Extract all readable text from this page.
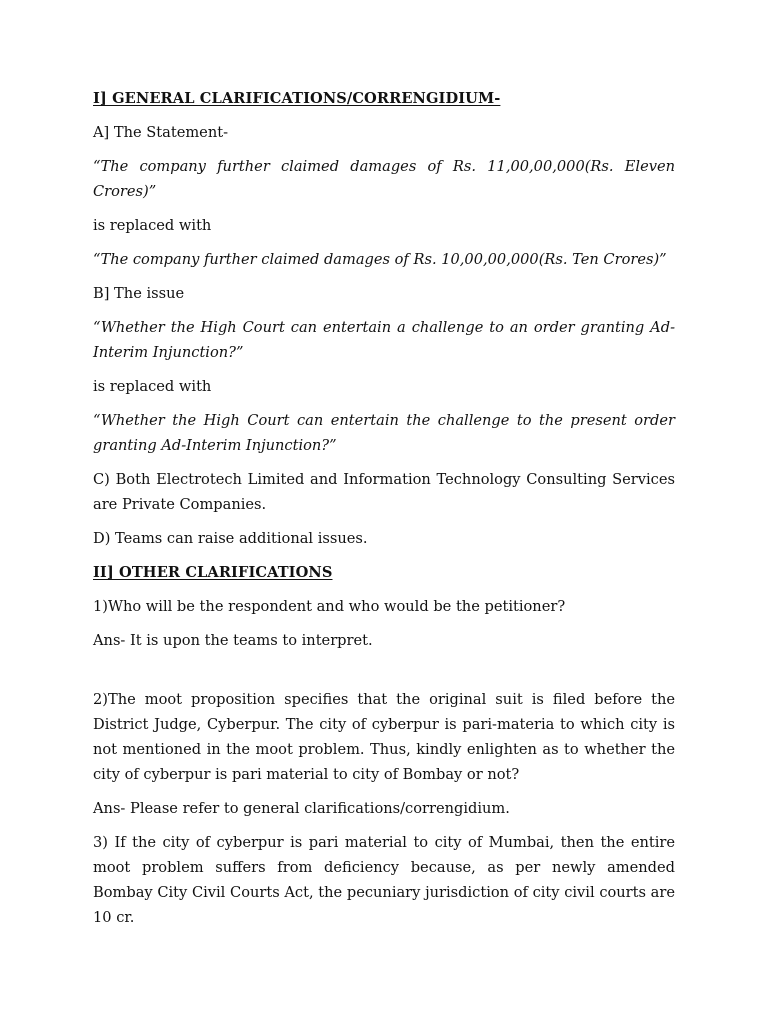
I] GENERAL CLARIFICATIONS/CORRENGIDIUM-

A] The Statement-

“The company further claimed damages of Rs. 11,00,00,000(Rs. Eleven Crores)”

is replaced with

“The company further claimed damages of Rs. 10,00,00,000(Rs. Ten Crores)”

B] The issue

“Whether the High Court can entertain a challenge to an order granting Ad-Interim Injunction?”

is replaced with

“Whether the High Court can entertain the challenge to the present order granting Ad-Interim Injunction?”

C) Both Electrotech Limited and Information Technology Consulting Services are Private Companies.

D) Teams can raise additional issues.

II] OTHER CLARIFICATIONS

1)Who will be the respondent and who would be the petitioner?

Ans- It is upon the teams to interpret.

2)The moot proposition specifies that the original suit is filed before the District Judge, Cyberpur. The city of cyberpur is pari-materia to which city is not mentioned in the moot problem. Thus, kindly enlighten as to whether the city of cyberpur is pari material to city of Bombay or not?

Ans- Please refer to general clarifications/correngidium.

3) If the city of cyberpur is pari material to city of Mumbai, then the entire moot problem suffers from deficiency because, as per newly amended Bombay City Civil Courts Act, the pecuniary jurisdiction of city civil courts are 10 cr.
